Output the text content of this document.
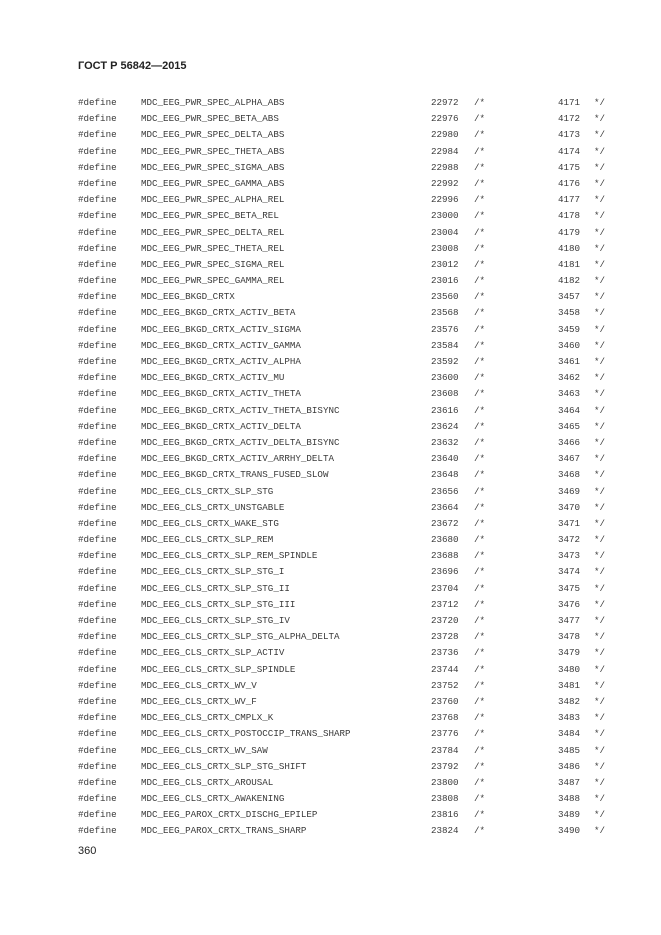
ГОСТ Р 56842—2015
#define	MDC_EEG_PWR_SPEC_ALPHA_ABS	22972 /*	4171 */
#define	MDC_EEG_PWR_SPEC_BETA_ABS	22976 /*	4172 */
#define	MDC_EEG_PWR_SPEC_DELTA_ABS	22980 /*	4173 */
#define	MDC_EEG_PWR_SPEC_THETA_ABS	22984 /*	4174 */
#define	MDC_EEG_PWR_SPEC_SIGMA_ABS	22988 /*	4175 */
#define	MDC_EEG_PWR_SPEC_GAMMA_ABS	22992 /*	4176 */
#define	MDC_EEG_PWR_SPEC_ALPHA_REL	22996 /*	4177 */
#define	MDC_EEG_PWR_SPEC_BETA_REL	23000 /*	4178 */
#define	MDC_EEG_PWR_SPEC_DELTA_REL	23004 /*	4179 */
#define	MDC_EEG_PWR_SPEC_THETA_REL	23008 /*	4180 */
#define	MDC_EEG_PWR_SPEC_SIGMA_REL	23012 /*	4181 */
#define	MDC_EEG_PWR_SPEC_GAMMA_REL	23016 /*	4182 */
#define	MDC_EEG_BKGD_CRTX	23560 /*	3457 */
#define	MDC_EEG_BKGD_CRTX_ACTIV_BETA	23568 /*	3458 */
#define	MDC_EEG_BKGD_CRTX_ACTIV_SIGMA	23576 /*	3459 */
#define	MDC_EEG_BKGD_CRTX_ACTIV_GAMMA	23584 /*	3460 */
#define	MDC_EEG_BKGD_CRTX_ACTIV_ALPHA	23592 /*	3461 */
#define	MDC_EEG_BKGD_CRTX_ACTIV_MU	23600 /*	3462 */
#define	MDC_EEG_BKGD_CRTX_ACTIV_THETA	23608 /*	3463 */
#define	MDC_EEG_BKGD_CRTX_ACTIV_THETA_BISYNC	23616 /*	3464 */
#define	MDC_EEG_BKGD_CRTX_ACTIV_DELTA	23624 /*	3465 */
#define	MDC_EEG_BKGD_CRTX_ACTIV_DELTA_BISYNC	23632 /*	3466 */
#define	MDC_EEG_BKGD_CRTX_ACTIV_ARRHY_DELTA	23640 /*	3467 */
#define	MDC_EEG_BKGD_CRTX_TRANS_FUSED_SLOW	23648 /*	3468 */
#define	MDC_EEG_CLS_CRTX_SLP_STG	23656 /*	3469 */
#define	MDC_EEG_CLS_CRTX_UNSTGABLE	23664 /*	3470 */
#define	MDC_EEG_CLS_CRTX_WAKE_STG	23672 /*	3471 */
#define	MDC_EEG_CLS_CRTX_SLP_REM	23680 /*	3472 */
#define	MDC_EEG_CLS_CRTX_SLP_REM_SPINDLE	23688 /*	3473 */
#define	MDC_EEG_CLS_CRTX_SLP_STG_I	23696 /*	3474 */
#define	MDC_EEG_CLS_CRTX_SLP_STG_II	23704 /*	3475 */
#define	MDC_EEG_CLS_CRTX_SLP_STG_III	23712 /*	3476 */
#define	MDC_EEG_CLS_CRTX_SLP_STG_IV	23720 /*	3477 */
#define	MDC_EEG_CLS_CRTX_SLP_STG_ALPHA_DELTA	23728 /*	3478 */
#define	MDC_EEG_CLS_CRTX_SLP_ACTIV	23736 /*	3479 */
#define	MDC_EEG_CLS_CRTX_SLP_SPINDLE	23744 /*	3480 */
#define	MDC_EEG_CLS_CRTX_WV_V	23752 /*	3481 */
#define	MDC_EEG_CLS_CRTX_WV_F	23760 /*	3482 */
#define	MDC_EEG_CLS_CRTX_CMPLX_K	23768 /*	3483 */
#define	MDC_EEG_CLS_CRTX_POSTOCCIP_TRANS_SHARP	23776 /*	3484 */
#define	MDC_EEG_CLS_CRTX_WV_SAW	23784 /*	3485 */
#define	MDC_EEG_CLS_CRTX_SLP_STG_SHIFT	23792 /*	3486 */
#define	MDC_EEG_CLS_CRTX_AROUSAL	23800 /*	3487 */
#define	MDC_EEG_CLS_CRTX_AWAKENING	23808 /*	3488 */
#define	MDC_EEG_PAROX_CRTX_DISCHG_EPILEP	23816 /*	3489 */
#define	MDC_EEG_PAROX_CRTX_TRANS_SHARP	23824 /*	3490 */
360
